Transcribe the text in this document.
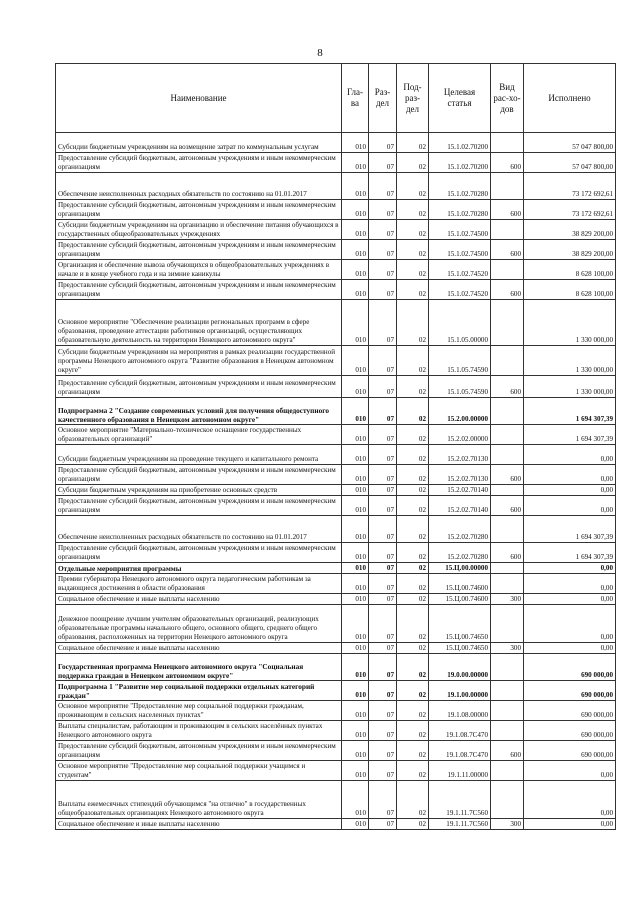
8
Наименование	Гла-ва	Раз-дел	Под-раз-дел	Целевая статья	Вид рас-хо-дов	Исполнено
Субсидии бюджетным учреждениям на возмещение затрат по коммунальным услугам	010	07	02	15.1.02.70200		57 047 800,00
Предоставление субсидий бюджетным, автономным учреждениям и иным некоммерческим организациям	010	07	02	15.1.02.70200	600	57 047 800,00
Обеспечение неисполненных расходных обязательств по состоянию на 01.01.2017	010	07	02	15.1.02.70280		73 172 692,61
Предоставление субсидий бюджетным, автономным учреждениям и иным некоммерческим организациям	010	07	02	15.1.02.70280	600	73 172 692,61
Субсидии бюджетным учреждениям на организацию и обеспечение питания обучающихся в государственных общеобразовательных учреждениях	010	07	02	15.1.02.74500		38 829 200,00
Предоставление субсидий бюджетным, автономным учреждениям и иным некоммерческим организациям	010	07	02	15.1.02.74500	600	38 829 200,00
Организация и обеспечение вывоза обучающихся в общеобразовательных учреждениях в начале и в конце учебного года и на зимние каникулы	010	07	02	15.1.02.74520		8 628 100,00
Предоставление субсидий бюджетным, автономным учреждениям и иным некоммерческим организациям	010	07	02	15.1.02.74520	600	8 628 100,00
Основное мероприятие "Обеспечение реализации региональных программ в сфере образования, проведение аттестации работников организаций, осуществляющих образовательную деятельность на территории Ненецкого автономного округа"	010	07	02	15.1.05.00000		1 330 000,00
Субсидии бюджетным учреждениям на мероприятия в рамках реализации государственной программы Ненецкого автономного округа "Развитие образования в Ненецком автономном округе"	010	07	02	15.1.05.74590		1 330 000,00
Предоставление субсидий бюджетным, автономным учреждениям и иным некоммерческим организациям	010	07	02	15.1.05.74590	600	1 330 000,00
Подпрограмма 2 "Создание современных условий для получения общедоступного качественного образования в Ненецком автономном округе"	010	07	02	15.2.00.00000		1 694 307,39
Основное мероприятие "Материально-техническое оснащение государственных образовательных организаций"	010	07	02	15.2.02.00000		1 694 307,39
Субсидии бюджетным учреждениям на проведение текущего и капитального ремонта	010	07	02	15.2.02.70130		0,00
Предоставление субсидий бюджетным, автономным учреждениям и иным некоммерческим организациям	010	07	02	15.2.02.70130	600	0,00
Субсидии бюджетным учреждениям на приобретение основных средств	010	07	02	15.2.02.70140		0,00
Предоставление субсидий бюджетным, автономным учреждениям и иным некоммерческим организациям	010	07	02	15.2.02.70140	600	0,00
Обеспечение неисполненных расходных обязательств по состоянию на 01.01.2017	010	07	02	15.2.02.70280		1 694 307,39
Предоставление субсидий бюджетным, автономным учреждениям и иным некоммерческим организациям	010	07	02	15.2.02.70280	600	1 694 307,39
Отдельные мероприятия программы	010	07	02	15.Ц.00.00000		0,00
Премии губернатора Ненецкого автономного округа педагогическим работникам за выдающиеся достижения в области образования	010	07	02	15.Ц.00.74600		0,00
Социальное обеспечение и иные выплаты населению	010	07	02	15.Ц.00.74600	300	0,00
Денежное поощрение лучшим учителям образовательных организаций, реализующих образовательные программы начального общего, основного общего, среднего общего образования, расположенных на территории Ненецкого автономного округа	010	07	02	15.Ц.00.74650		0,00
Социальное обеспечение и иные выплаты населению	010	07	02	15.Ц.00.74650	300	0,00
Государственная программа Ненецкого автономного округа "Социальная поддержка граждан в Ненецком автономном округе"	010	07	02	19.0.00.00000		690 000,00
Подпрограмма 1 "Развитие мер социальной поддержки отдельных категорий граждан"	010	07	02	19.1.00.00000		690 000,00
Основное мероприятие "Предоставление мер социальной поддержки гражданам, проживающим в сельских населенных пунктах"	010	07	02	19.1.08.00000		690 000,00
Выплаты специалистам, работающим и проживающим в сельских населённых пунктах Ненецкого автономного округа	010	07	02	19.1.08.7С470		690 000,00
Предоставление субсидий бюджетным, автономным учреждениям и иным некоммерческим организациям	010	07	02	19.1.08.7С470	600	690 000,00
Основное мероприятие "Предоставление мер социальной поддержки учащимся и студентам"	010	07	02	19.1.11.00000		0,00
Выплаты ежемесячных стипендий обучающимся "на отлично" в государственных общеобразовательных организациях Ненецкого автономного округа	010	07	02	19.1.11.7С560		0,00
Социальное обеспечение и иные выплаты населению	010	07	02	19.1.11.7С560	300	0,00
